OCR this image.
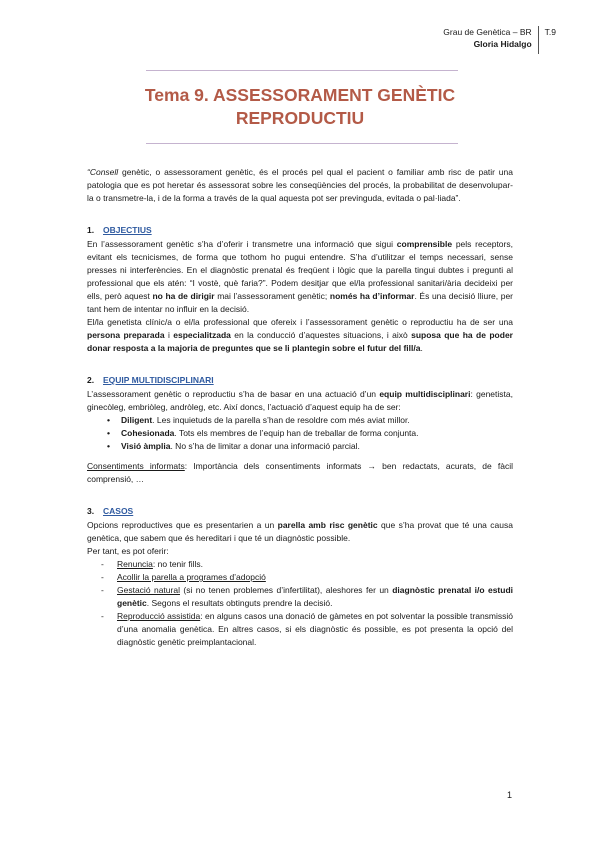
Grau de Genètica – BR
Gloria Hidalgo
T.9
Tema 9. ASSESSORAMENT GENÈTIC
REPRODUCTIU

“Consell genètic, o assessorament genètic, és el procés pel qual el pacient o familiar amb risc de patir una patologia que es pot heretar és assessorat sobre les conseqüències del procés, la probabilitat de desenvolupar-la o transmetre-la, i de la forma a través de la qual aquesta pot ser previnguda, evitada o pal·liada”.

1. OBJECTIUS

En l’assessorament genètic s’ha d’oferir i transmetre una informació que sigui comprensible pels receptors, evitant els tecnicismes, de forma que tothom ho pugui entendre. S’ha d’utilitzar el temps necessari, sense presses ni interferències. En el diagnòstic prenatal és freqüent i lògic que la parella tingui dubtes i pregunti al professional que els atén: “I vostè, què faria?”. Podem desitjar que el/la professional sanitari/ària decideixi per ells, però aquest no ha de dirigir mai l’assessorament genètic; només ha d’informar. És una decisió lliure, per tant hem de intentar no influir en la decisió.

El/la genetista clínic/a o el/la professional que ofereix i l’assessorament genètic o reproductiu ha de ser una persona preparada i especialitzada en la conducció d’aquestes situacions, i això suposa que ha de poder donar resposta a la majoria de preguntes que se li plantegin sobre el futur del fill/a.

2. EQUIP MULTIDISCIPLINARI

L’assessorament genètic o reproductiu s’ha de basar en una actuació d’un equip multidisciplinari: genetista, ginecòleg, embriòleg, andròleg, etc. Així doncs, l’actuació d’aquest equip ha de ser:

• Diligent. Les inquietuds de la parella s’han de resoldre com més aviat millor.
• Cohesionada. Tots els membres de l’equip han de treballar de forma conjunta.
• Visió àmplia. No s’ha de limitar a donar una informació parcial.

Consentiments informats: Importància dels consentiments informats → ben redactats, acurats, de fàcil comprensió, …

3. CASOS

Opcions reproductives que es presentarien a un parella amb risc genètic que s’ha provat que té una causa genètica, que sabem que és hereditari i que té un diagnòstic possible.

Per tant, es pot oferir:

- Renuncia: no tenir fills.
- Acollir la parella a programes d’adopció
- Gestació natural (si no tenen problemes d’infertilitat), aleshores fer un diagnòstic prenatal i/o estudi genètic. Segons el resultats obtinguts prendre la decisió.
- Reproducció assistida: en alguns casos una donació de gàmetes en pot solventar la possible transmissió d’una anomalia genètica. En altres casos, si els diagnòstic és possible, es pot presenta la opció del diagnòstic genètic preimplantacional.
1
